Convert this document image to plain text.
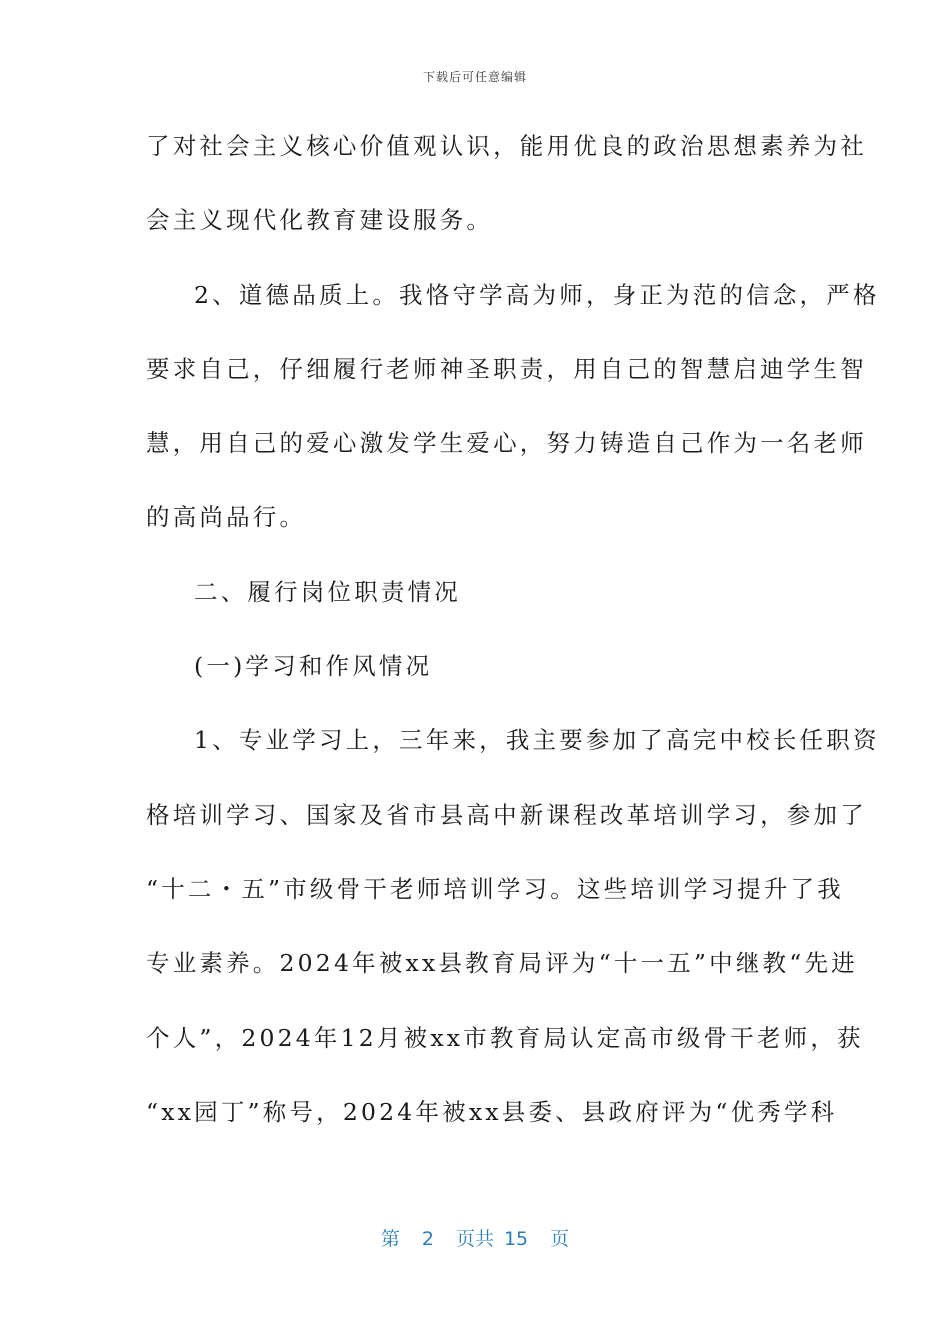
下载后可任意编辑
了对社会主义核心价值观认识，能用优良的政治思想素养为社
会主义现代化教育建设服务。
2、道德品质上。我恪守学高为师，身正为范的信念，严格
要求自己，仔细履行老师神圣职责，用自己的智慧启迪学生智
慧，用自己的爱心激发学生爱心，努力铸造自己作为一名老师
的高尚品行。
二、履行岗位职责情况
(一)学习和作风情况
1、专业学习上，三年来，我主要参加了高完中校长任职资
格培训学习、国家及省市县高中新课程改革培训学习，参加了
“十二・五”市级骨干老师培训学习。这些培训学习提升了我
专业素养。2024年被xx县教育局评为“十一五”中继教“先进
个人”，2024年12月被xx市教育局认定高市级骨干老师，获
“xx园丁”称号，2024年被xx县委、县政府评为“优秀学科
第 2 页共 15 页
